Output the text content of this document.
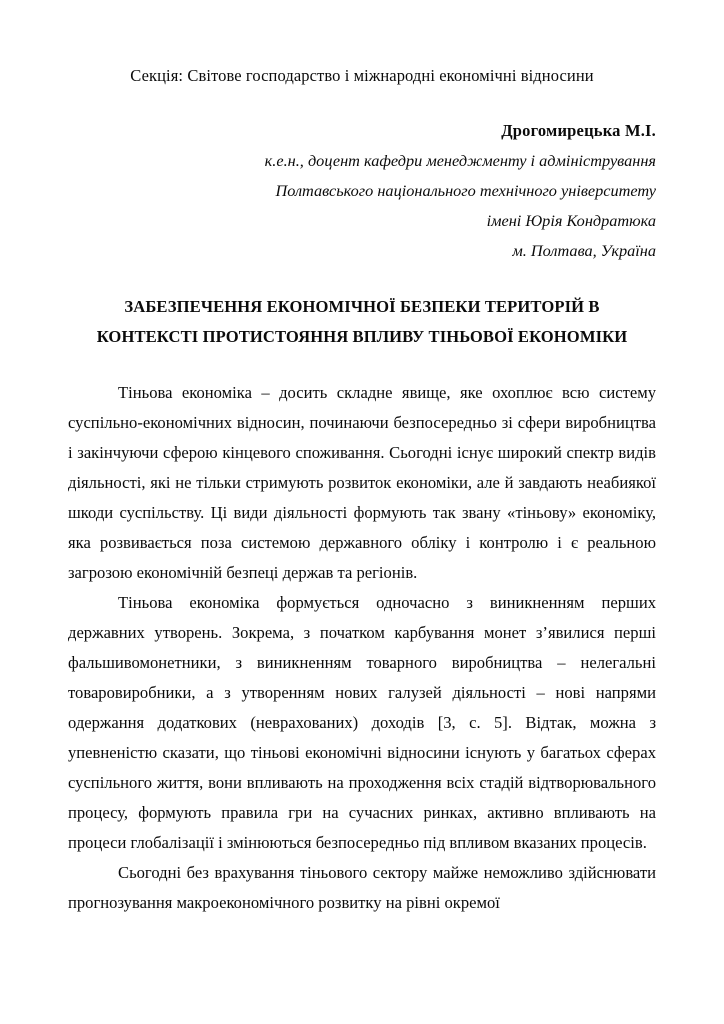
Секція: Світове господарство і міжнародні економічні відносини
Дрогомирецька М.І.
к.е.н., доцент кафедри менеджменту і адміністрування
Полтавського національного технічного університету
імені Юрія Кондратюка
м. Полтава, Україна
ЗАБЕЗПЕЧЕННЯ ЕКОНОМІЧНОЇ БЕЗПЕКИ ТЕРИТОРІЙ В
КОНТЕКСТІ ПРОТИСТОЯННЯ ВПЛИВУ ТІНЬОВОЇ ЕКОНОМІКИ

Тіньова економіка – досить складне явище, яке охоплює всю систему суспільно-економічних відносин, починаючи безпосередньо зі сфери виробництва і закінчуючи сферою кінцевого споживання. Сьогодні існує широкий спектр видів діяльності, які не тільки стримують розвиток економіки, але й завдають неабиякої шкоди суспільству. Ці види діяльності формують так звану «тіньову» економіку, яка розвивається поза системою державного обліку і контролю і є реальною загрозою економічній безпеці держав та регіонів.

Тіньова економіка формується одночасно з виникненням перших державних утворень. Зокрема, з початком карбування монет з’явилися перші фальшивомонетники, з виникненням товарного виробництва – нелегальні товаровиробники, а з утворенням нових галузей діяльності – нові напрями одержання додаткових (неврахованих) доходів [3, с. 5]. Відтак, можна з упевненістю сказати, що тіньові економічні відносини існують у багатьох сферах суспільного життя, вони впливають на проходження всіх стадій відтворювального процесу, формують правила гри на сучасних ринках, активно впливають на процеси глобалізації і змінюються безпосередньо під впливом вказаних процесів.

Сьогодні без врахування тіньового сектору майже неможливо здійснювати прогнозування макроекономічного розвитку на рівні окремої
